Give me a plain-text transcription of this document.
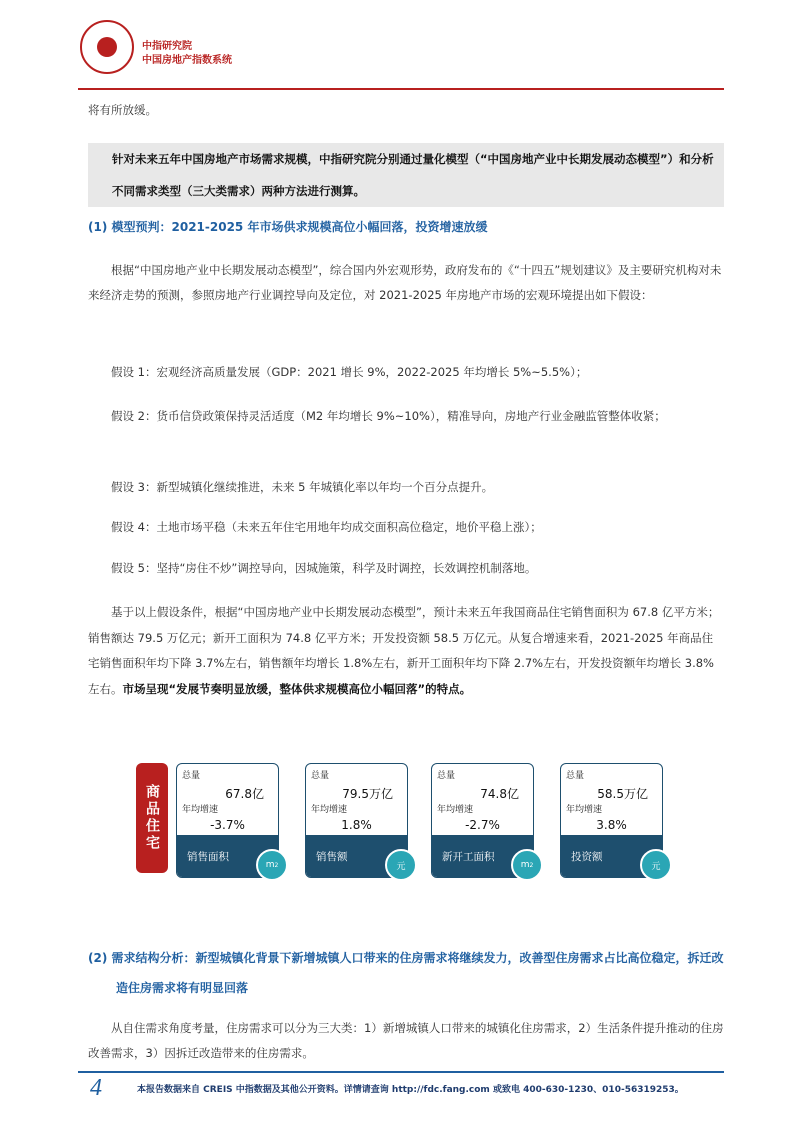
中指研究院
中国房地产指数系统

将有所放缓。

针对未来五年中国房地产市场需求规模，中指研究院分别通过量化模型（“中国房地产业中长期发展动态模型”）和分析不同需求类型（三大类需求）两种方法进行测算。
(1) 模型预判：2021-2025 年市场供求规模高位小幅回落，投资增速放缓

根据“中国房地产业中长期发展动态模型”，综合国内外宏观形势，政府发布的《“十四五”规划建议》及主要研究机构对未来经济走势的预测，参照房地产行业调控导向及定位，对 2021-2025 年房地产市场的宏观环境提出如下假设：

假设 1：宏观经济高质量发展（GDP：2021 增长 9%，2022-2025 年均增长 5%~5.5%）；

假设 2：货币信贷政策保持灵活适度（M2 年均增长 9%~10%），精准导向，房地产行业金融监管整体收紧；

假设 3：新型城镇化继续推进，未来 5 年城镇化率以年均一个百分点提升。

假设 4：土地市场平稳（未来五年住宅用地年均成交面积高位稳定，地价平稳上涨）；

假设 5：坚持“房住不炒”调控导向，因城施策，科学及时调控，长效调控机制落地。

基于以上假设条件，根据“中国房地产业中长期发展动态模型”，预计未来五年我国商品住宅销售面积为 67.8 亿平方米；销售额达 79.5 万亿元；新开工面积为 74.8 亿平方米；开发投资额 58.5 万亿元。从复合增速来看，2021-2025 年商品住宅销售面积年均下降 3.7%左右，销售额年均增长 1.8%左右，新开工面积年均下降 2.7%左右，开发投资额年均增长 3.8%左右。市场呈现“发展节奏明显放缓，整体供求规模高位小幅回落”的特点。

商品住宅
总量
67.8亿
年均增速
-3.7%
销售面积
m 2
总量
79.5万亿
年均增速
1.8%
销售额
元
总量
74.8亿
年均增速
-2.7%
新开工面积
m 2
总量
58.5万亿
年均增速
3.8%
投资额
元
(2) 需求结构分析：新型城镇化背景下新增城镇人口带来的住房需求将继续发力，改善型住房需求占比高位稳定，拆迁改造住房需求将有明显回落

从自住需求角度考量，住房需求可以分为三大类：1）新增城镇人口带来的城镇化住房需求，2）生活条件提升推动的住房改善需求，3）因拆迁改造带来的住房需求。

4	本报告数据来自 CREIS 中指数据及其他公开资料。详情请查询 http://fdc.fang.com 或致电 400-630-1230、010-56319253。
